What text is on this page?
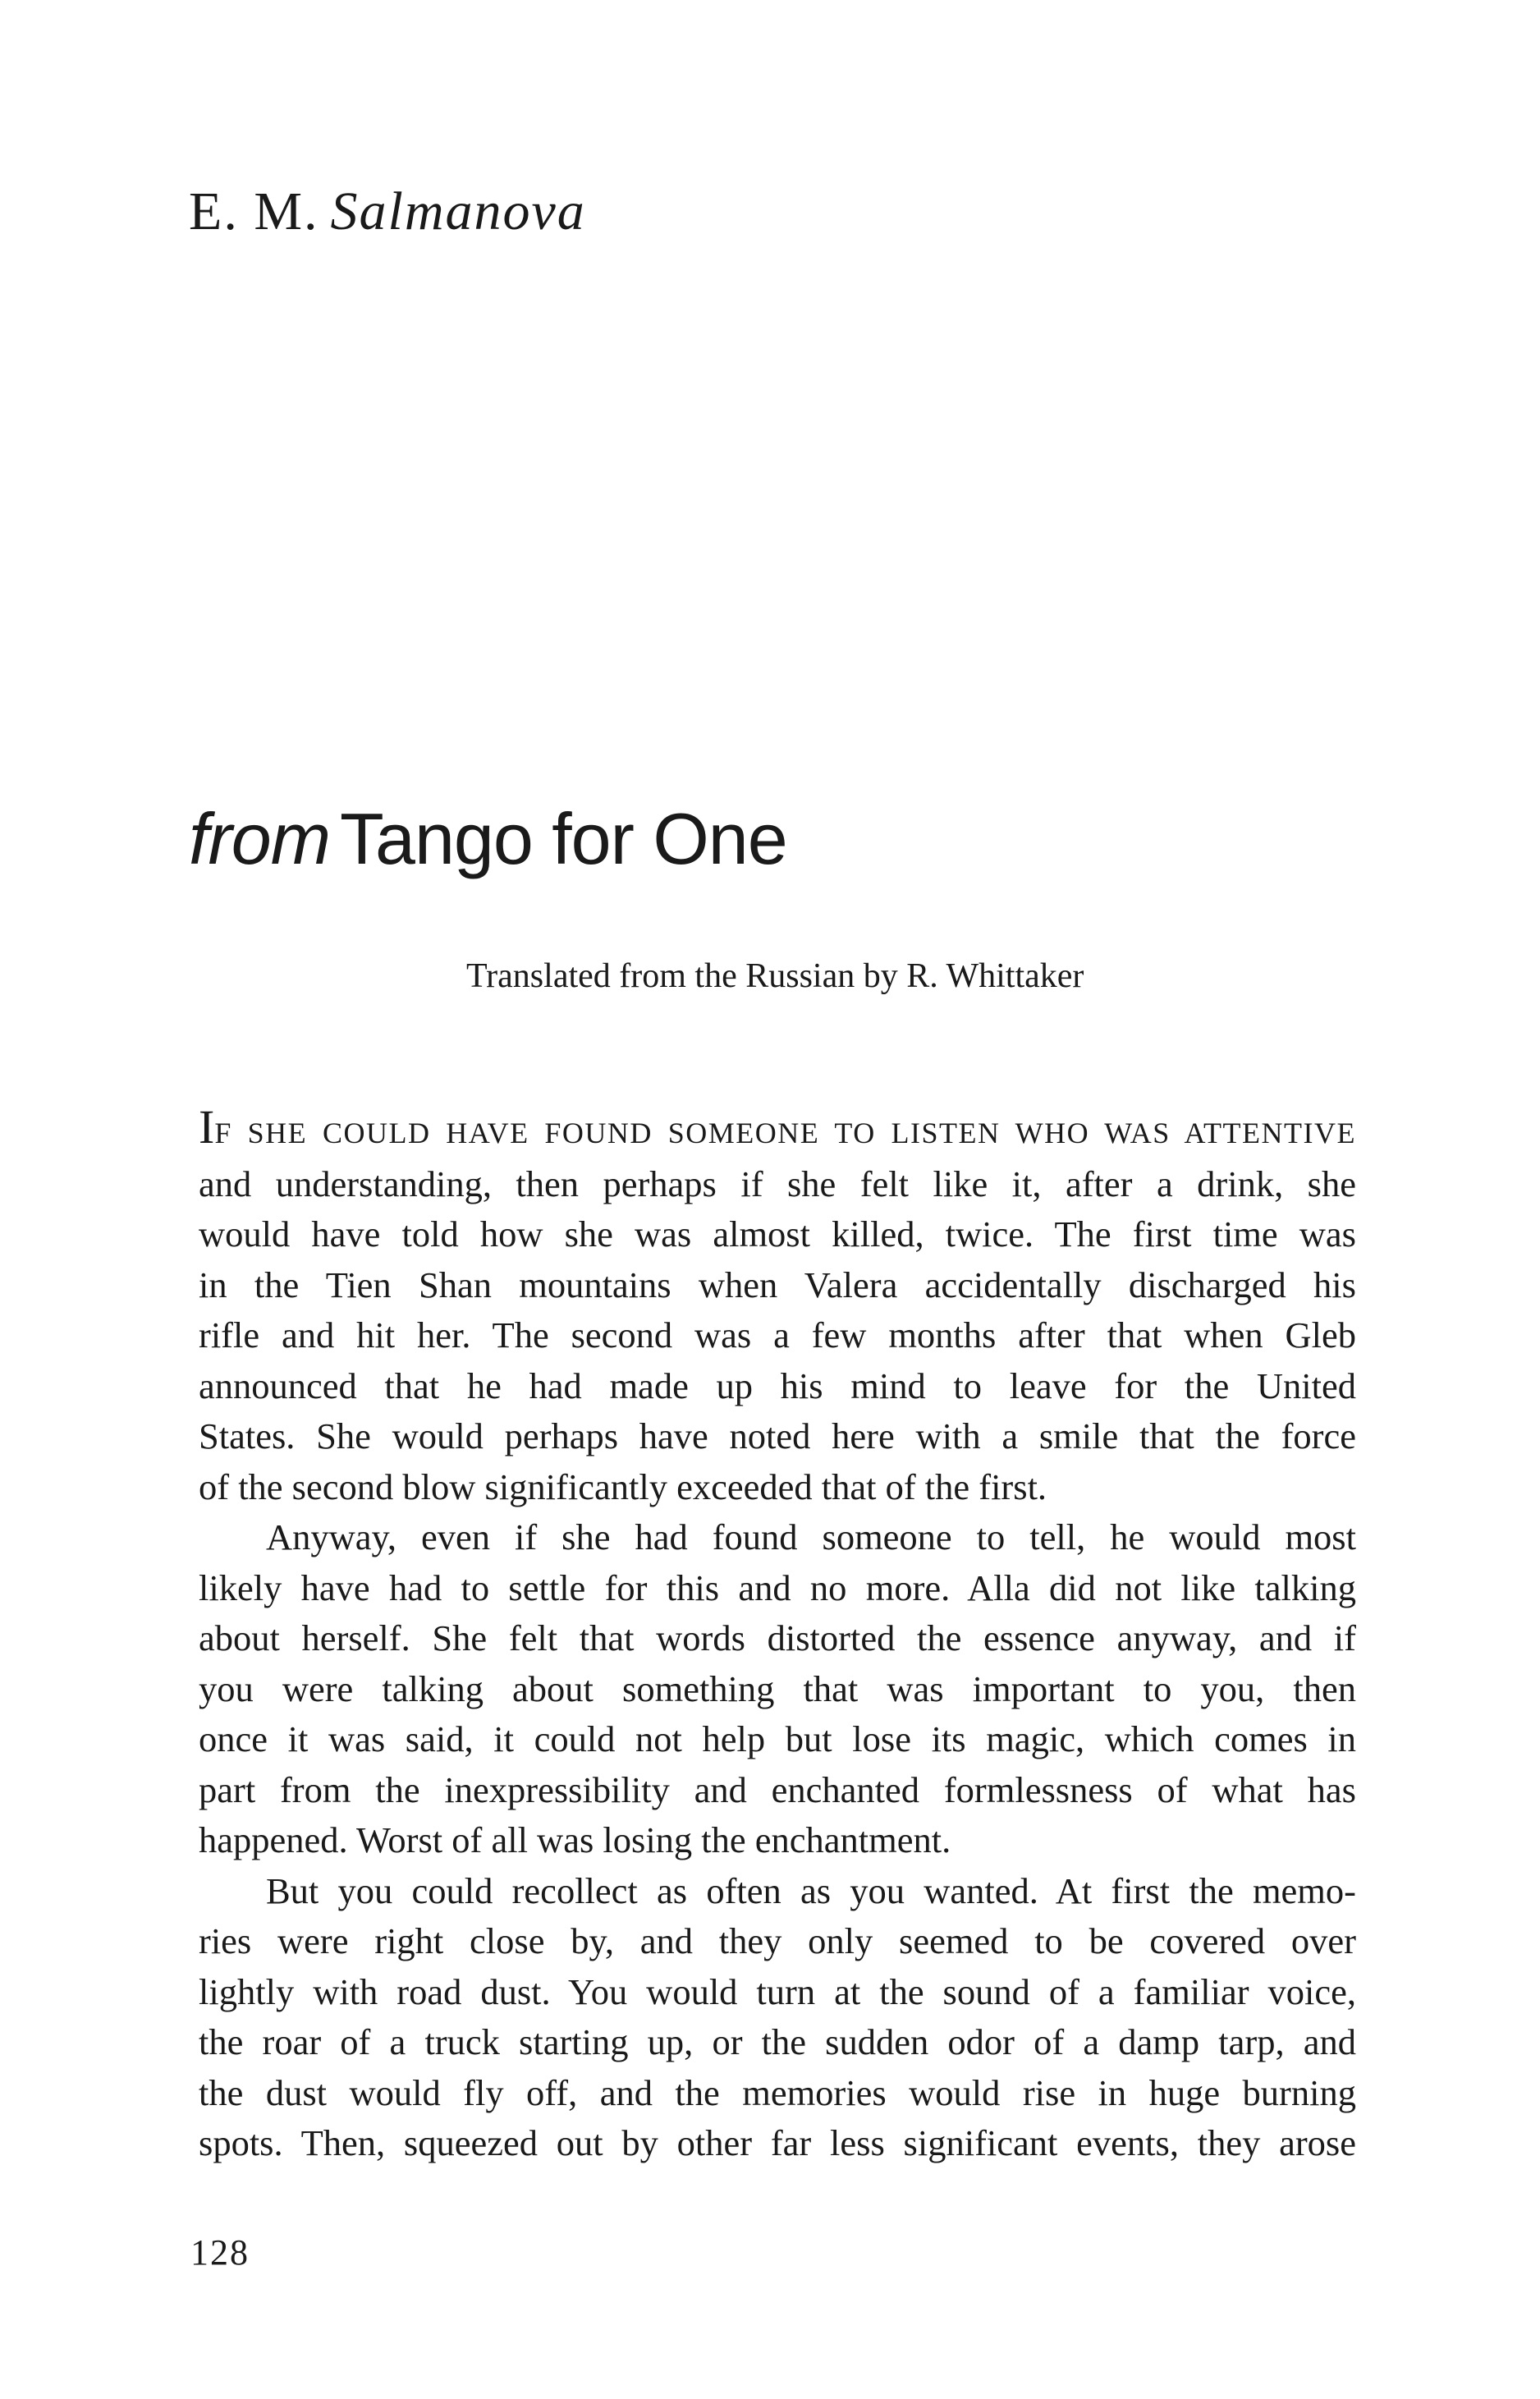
E. M. Salmanova
from Tango for One
Translated from the Russian by R. Whittaker
IF SHE COULD HAVE FOUND SOMEONE TO LISTEN WHO WAS ATTENTIVE
and understanding, then perhaps if she felt like it, after a drink, she
would have told how she was almost killed, twice. The first time was
in the Tien Shan mountains when Valera accidentally discharged his
rifle and hit her. The second was a few months after that when Gleb
announced that he had made up his mind to leave for the United
States. She would perhaps have noted here with a smile that the force
of the second blow significantly exceeded that of the first.
Anyway, even if she had found someone to tell, he would most
likely have had to settle for this and no more. Alla did not like talking
about herself. She felt that words distorted the essence anyway, and if
you were talking about something that was important to you, then
once it was said, it could not help but lose its magic, which comes in
part from the inexpressibility and enchanted formlessness of what has
happened. Worst of all was losing the enchantment.
But you could recollect as often as you wanted. At first the memo-
ries were right close by, and they only seemed to be covered over
lightly with road dust. You would turn at the sound of a familiar voice,
the roar of a truck starting up, or the sudden odor of a damp tarp, and
the dust would fly off, and the memories would rise in huge burning
spots. Then, squeezed out by other far less significant events, they arose
128
